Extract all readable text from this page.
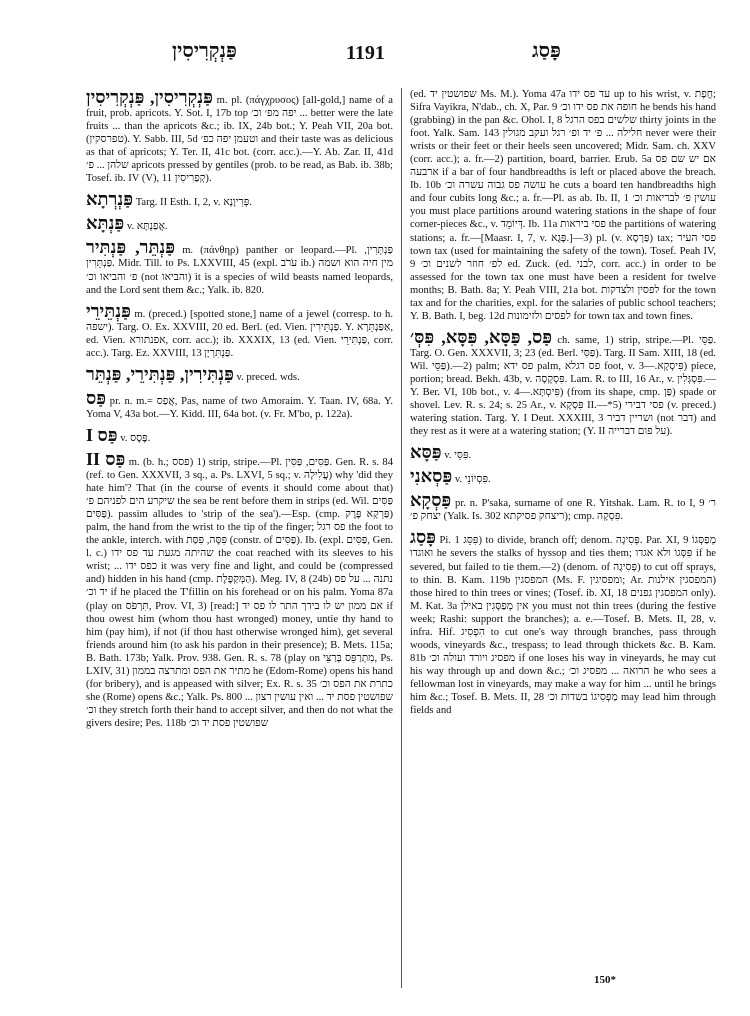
פַּנְקְרִיסִין	1191	פָּסַג

פַּנְקְרִיסִין, פַּנְקְרִיסִין m. pl. (πάγχρυσος) [all-gold,] name of a fruit, prob. apricots. Y. Sot. I, 17b top יפה מפ׳ וכ׳ ... better were the late fruits ... than the apricots &c.; ib. IX, 24b bot.; Y. Peah VII, 20a bot. (טפרסקין). Y. Sabb. III, 5d וטעמן יפה כפ׳ and their taste was as delicious as that of apricots; Y. Ter. II, 41c bot. (corr. acc.).—Y. Ab. Zar. II, 41d שלהן ... פ׳ apricots pressed by gentiles (prob. to be read, as Bab. ib. 38b; Tosef. ib. IV (V), 11 קְפַרִיסִין).

פַּנְרְתָא Targ. II Esth. I, 2, v. פְּרִיוָנָא.

פַּנְתָּא v. אֲפַנְתָּא.

פַּנְתֵּר, פַּנְתִּיר m. (πάνθηρ) panther or leopard.—Pl. פַּנְתְּרִין, פַּנְתֵּרִין. Midr. Till. to Ps. LXXVIII, 45 (expl. עֹרֹב ib.) מין חיה הוא ושמה פ׳ והביאו וכ׳ (not והביאו) it is a species of wild beasts named leopards, and the Lord sent them &c.; Yalk. ib. 820.

פַּנְתֵּירֵי m. (preced.) [spotted stone,] name of a jewel (corresp. to h. ישפה). Targ. O. Ex. XXVIII, 20 ed. Berl. (ed. Vien. פַּנְתֵּירִין. Y. אַפַּנְתֵּרָא, ed. Vien. אפנתורא, corr. acc.); ib. XXXIX, 13 (ed. Vien. פַּנְתִּירֵי, corr. acc.). Targ. Ez. XXVIII, 13 פַּנְתִּרְיָן.

פַּנְתִּירִין, פַּנְתִּירֵי, פַּנְתֵּר v. preced. wds.

פַּס pr. n. m.= אֲפַס, Pas, name of two Amoraim. Y. Taan. IV, 68a. Y. Yoma V, 43a bot.—Y. Kidd. III, 64a bot. (v. Fr. M'bo, p. 122a).

פַּס I v. פֶּסֶס.

פַּס II m. (b. h.; פסס) 1) strip, stripe.—Pl. פַּסִּים, פַּסִּין. Gen. R. s. 84 (ref. to Gen. XXXVII, 3 sq., a. Ps. LXVI, 5 sq.; v. עֲלִילָה) why 'did they hate him'? That (in the course of events it should come about that) שיקרע הים לפניהם פ׳ the sea be rent before them in strips (ed. Wil. פַּסִּים פַּסִּים). passim alludes to 'strip of the sea').—Esp. (cmp. פַּרְקָא פֶּרֶק) palm, the hand from the wrist to the tip of the finger; פס רגל the foot to the ankle, interch. with פִּסָּה, פִּסַּת (constr. of פַּסִּים). Ib. (expl. פַּסִּים, Gen. l. c.) שהיתה מגעת עד פס ידו the coat reached with its sleeves to his wrist; ... כפס ידו it was very fine and light, and could be (compressed and) hidden in his hand (cmp. הַמְּקַפֶּלֶת). Meg. IV, 8 (24b) נתנה ... על פס יד וכ׳ if he placed the T'fillin on his forehead or on his palm. Yoma 87a (play on תִּרְפֹּס, Prov. VI, 3) [read:] אם ממון יש לו בידך התר לו פס יד if thou owest him (whom thou hast wronged) money, untie thy hand to him (pay him), if not (if thou hast otherwise wronged him), get several friends around him (to ask his pardon in their presence); B. Mets. 115a; B. Bath. 173b; Yalk. Prov. 938. Gen. R. s. 78 (play on מִתְרַפֵּס בְּרַצֵּי, Ps. LXIV, 31) מתיר את הפס ומתרצה בממון he (Edom-Rome) opens his hand (for bribery), and is appeased with silver; Ex. R. s. 35 כתרת את הפס וכ׳ she (Rome) opens &c.; Yalk. Ps. 800 ... שפושטין פסת יד ... ואין עושין רצון וכ׳ they stretch forth their hand to accept silver, and then do not what the givers desire; Pes. 118b שפושטין פסת יד וכ׳

(ed. שפושטין יד Ms. M.). Yoma 47a עד פס ידו up to his wrist, v. חֲפָת; Sifra Vayikra, N'dab., ch. X, Par. 9 חופה את פס ידו וכ׳ he bends his hand (grabbing) in the pan &c. Ohol. I, 8 שלשים בפס הרגל thirty joints in the foot. Yalk. Sam. 143 חלילה ... פ׳ יד ופ׳ רגל ועקב מגולין never were their wrists or their feet or their heels seen uncovered; Midr. Sam. ch. XXV (corr. acc.); a. fr.—2) partition, board, barrier. Erub. 5a אם יש שם פס ארבעה if a bar of four handbreadths is left or placed above the breach. Ib. 10b עושה פס גבוה עשרה וכ׳ he cuts a board ten handbreadths high and four cubits long &c.; a. fr.—Pl. as ab. Ib. II, 1 עושין פ׳ לבריאות וכ׳ you must place partitions around watering stations in the shape of four corner-pieces &c., v. דְּיוֹמֵד. Ib. 11a פסי ביראות the partitions of watering stations; a. fr.—[Maasr. I, 7, v. פָּגָא.]—3) pl. (v. פַּרְסָא) tax; פסי העיר town tax (used for maintaining the safety of the town). Tosef. Peah IV, 9 לפ׳ חוזר לשנים וכ׳ ed. Zuck. (ed. לבני, corr. acc.) in order to be assessed for the town tax one must have been a resident for twelve months; B. Bath. 8a; Y. Peah VIII, 21a bot. לפסין ולצדקות for the town tax and for the charities, expl. for the salaries of public school teachers; Y. B. Bath. I, beg. 12d לפסים ולזימונות for town tax and town fines.

פַּס, פַּסָּא, פִּסָּא, פִּסְּ׳ ch. same, 1) strip, stripe.—Pl. פַּסֵּי. Targ. O. Gen. XXXVII, 3; 23 (ed. Berl. פַּסִּי). Targ. II Sam. XIII, 18 (ed. Wil. פַּסֵּי).—2) palm; פס ידא palm, פס רגלא foot, v. פִּיסְקָא.—3) piece, portion; bread. Bekh. 43b, v. פִּסְקָסָה. Lam. R. to III, 16 Ar., v. פִּסְגְּלִין.—Y. Ber. VI, 10b bot., v. פִּיסְתָּא.—4) (from its shape, cmp. פַּן) spade or shovel. Lev. R. s. 24; s. 25 Ar., v. פִּסְקָא II.—*5) פסי דבירי (v. preced.) watering station. Targ. Y. I Deut. XXXIII, 3 ושריין דביר (not דבר) and they rest as it were at a watering station; (Y. II על פום דברייה).

פַּסָּא v. פִּסֵּי.

פַּסְאנִי v. פִּסְיוֹנֵי.

פַּסְקָא pr. n. P'saka, surname of one R. Yitshak. Lam. R. to I, 9 ר׳ יצחק פ׳ (Yalk. Is. 302 ריצחק פסיקתא); cmp. פִּסְקָה.

פָּסַג Pi. פִּסֵּג 1) to divide, branch off; denom. פְּסִיגָה. Par. XI, 9 מְפַסְּגוֹ ואוגדו he severs the stalks of hyssop and ties them; פִּסְּגוֹ ולא אגדו if he severed, but failed to tie them.—2) (denom. of פְּסִיגָה) to cut off sprays, to thin. B. Kam. 119b המפסגין (Ms. F. ומפסיגין; Ar. המפסגין אילנות) those hired to thin trees or vines; (Tosef. ib. XI, 18 המפסגין גפנים only). M. Kat. 3a אין מְפַסְּגִין באילן you must not thin trees (during the festive week; Rashi: support the branches); a. e.—Tosef. B. Mets. II, 28, v. infra. Hif. הִפְסִיג to cut one's way through branches, pass through woods, vineyards &c., trespass; to lead through thickets &c. B. Kam. 81b מפסיג ויורד ועולה וכ׳ if one loses his way in vineyards, he may cut his way through up and down &c.; הרואה ... מפסיג וכ׳ he who sees a fellowman lost in vineyards, may make a way for him ... until he brings him &c.; Tosef. B. Mets. II, 28 מַפְסִיגוֹ בשדות וכ׳ may lead him through fields and

150*
